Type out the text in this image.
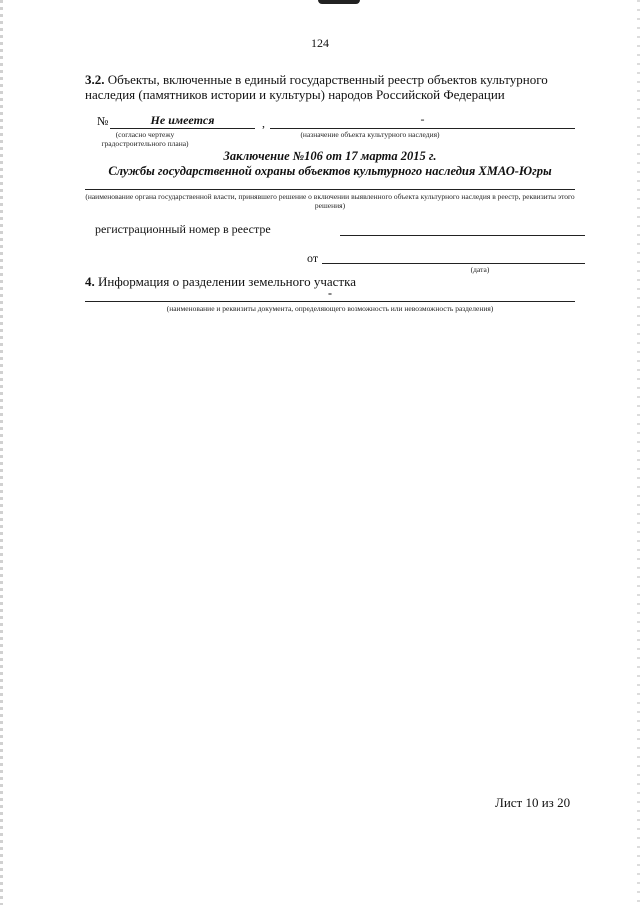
124
3.2. Объекты, включенные в единый государственный реестр объектов культурного наследия (памятников истории и культуры) народов Российской Федерации
№	Не имеется	,	-
(согласно чертежу градостроительного плана)
(назначение объекта культурного наследия)
Заключение №106 от 17 марта 2015 г.
Службы государственной охраны объектов культурного наследия ХМАО-Югры
(наименование органа государственной власти, принявшего решение о включении выявленного объекта культурного наследия в реестр, реквизиты этого решения)
регистрационный номер в реестре
от
(дата)
4. Информация о разделении земельного участка
-
(наименование и реквизиты документа, определяющего возможность или невозможность разделения)
Лист 10 из 20
